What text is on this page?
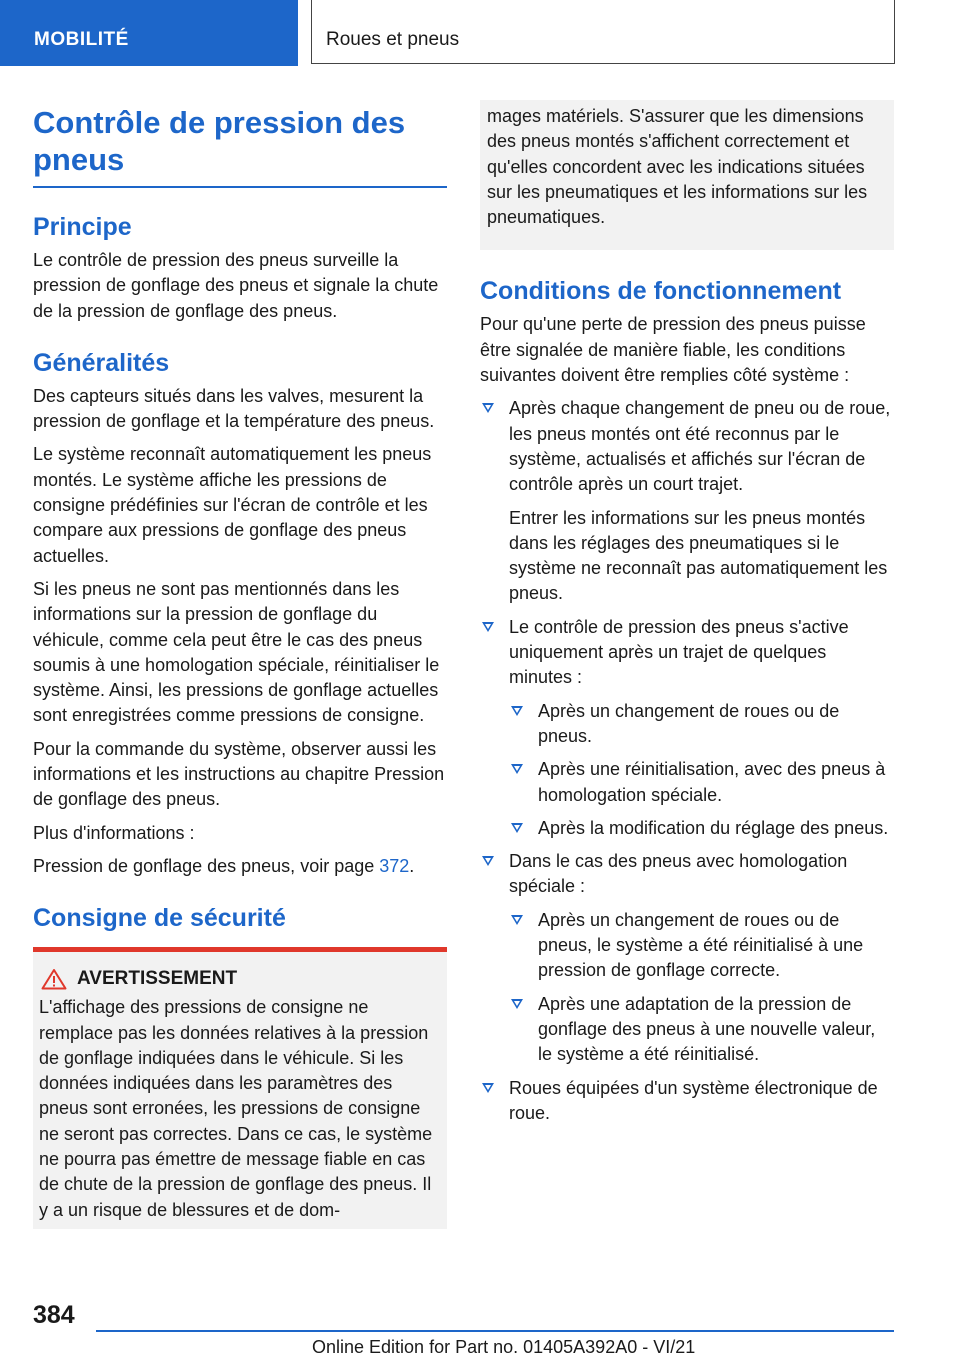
MOBILITÉ	Roues et pneus
Contrôle de pression des pneus
Principe

Le contrôle de pression des pneus surveille la pression de gonflage des pneus et signale la chute de la pression de gonflage des pneus.

Généralités

Des capteurs situés dans les valves, mesurent la pression de gonflage et la température des pneus.

Le système reconnaît automatiquement les pneus montés. Le système affiche les pressions de consigne prédéfinies sur l'écran de contrôle et les compare aux pressions de gonflage des pneus actuelles.

Si les pneus ne sont pas mentionnés dans les informations sur la pression de gonflage du véhicule, comme cela peut être le cas des pneus soumis à une homologation spéciale, réinitialiser le système. Ainsi, les pressions de gonflage actuelles sont enregistrées comme pressions de consigne.

Pour la commande du système, observer aussi les informations et les instructions au chapitre Pression de gonflage des pneus.

Plus d'informations :

Pression de gonflage des pneus, voir page 372.

Consigne de sécurité
AVERTISSEMENT

L'affichage des pressions de consigne ne remplace pas les données relatives à la pression de gonflage indiquées dans le véhicule. Si les données indiquées dans les paramètres des pneus sont erronées, les pressions de consigne ne seront pas correctes. Dans ce cas, le système ne pourra pas émettre de message fiable en cas de chute de la pression de gonflage des pneus. Il y a un risque de blessures et de dom-

mages matériels. S'assurer que les dimensions des pneus montés s'affichent correctement et qu'elles concordent avec les indications situées sur les pneumatiques et les informations sur les pneumatiques.

Conditions de fonctionnement

Pour qu'une perte de pression des pneus puisse être signalée de manière fiable, les conditions suivantes doivent être remplies côté système :

Après chaque changement de pneu ou de roue, les pneus montés ont été reconnus par le système, actualisés et affichés sur l'écran de contrôle après un court trajet.

Entrer les informations sur les pneus montés dans les réglages des pneumatiques si le système ne reconnaît pas automatiquement les pneus.

Le contrôle de pression des pneus s'active uniquement après un trajet de quelques minutes :

Après un changement de roues ou de pneus.

Après une réinitialisation, avec des pneus à homologation spéciale.

Après la modification du réglage des pneus.

Dans le cas des pneus avec homologation spéciale :

Après un changement de roues ou de pneus, le système a été réinitialisé à une pression de gonflage correcte.

Après une adaptation de la pression de gonflage des pneus à une nouvelle valeur, le système a été réinitialisé.

Roues équipées d'un système électronique de roue.

384
Online Edition for Part no. 01405A392A0 - VI/21
